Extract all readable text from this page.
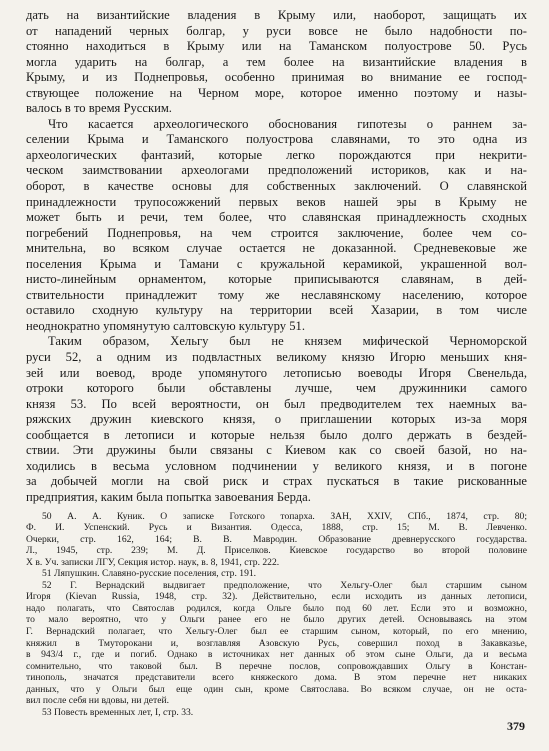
дать на византийские владения в Крыму или, наоборот, защищать их
от нападений черных болгар, у руси вовсе не было надобности по-
стоянно находиться в Крыму или на Таманском полуострове 50. Русь
могла ударить на болгар, а тем более на византийские владения в
Крыму, и из Поднепровья, особенно принимая во внимание ее господ-
ствующее положение на Черном море, которое именно поэтому и назы-
валось в то время Русским.
Что касается археологического обоснования гипотезы о раннем за-
селении Крыма и Таманского полуострова славянами, то это одна из
археологических фантазий, которые легко порождаются при некрити-
ческом заимствовании археологами предположений историков, как и на-
оборот, в качестве основы для собственных заключений. О славянской
принадлежности трупосожжений первых веков нашей эры в Крыму не
может быть и речи, тем более, что славянская принадлежность сходных
погребений Поднепровья, на чем строится заключение, более чем со-
мнительна, во всяком случае остается не доказанной. Средневековые же
поселения Крыма и Тамани с кружальной керамикой, украшенной вол-
нисто-линейным орнаментом, которые приписываются славянам, в дей-
ствительности принадлежит тому же неславянскому населению, которое
оставило сходную культуру на территории всей Хазарии, в том числе
неоднократно упомянутую салтовскую культуру 51.
Таким образом, Хельгу был не князем мифической Черноморской
руси 52, а одним из подвластных великому князю Игорю меньших кня-
зей или воевод, вроде упомянутого летописью воеводы Игоря Свенельда,
отроки которого были обставлены лучше, чем дружинники самого
князя 53. По всей вероятности, он был предводителем тех наемных ва-
ряжских дружин киевского князя, о приглашении которых из-за моря
сообщается в летописи и которые нельзя было долго держать в бездей-
ствии. Эти дружины были связаны с Киевом как со своей базой, но на-
ходились в весьма условном подчинении у великого князя, и в погоне
за добычей могли на свой риск и страх пускаться в такие рискованные
предприятия, каким была попытка завоевания Берда.
50 А. А. Куник. О записке Готского топарха. ЗАН, XXIV, СПб., 1874, стр. 80;
Ф. И. Успенский. Русь и Византия. Одесса, 1888, стр. 15; М. В. Левченко.
Очерки, стр. 162, 164; В. В. Мавродин. Образование древнерусского государства.
Л., 1945, стр. 239; М. Д. Приселков. Киевское государство во второй половине
X в. Уч. записки ЛГУ, Секция истор. наук, в. 8, 1941, стр. 222.
51 Ляпушкин. Славяно-русские поселения, стр. 191.
52 Г. Вернадский выдвигает предположение, что Хельгу-Олег был старшим сыном
Игоря (Kievan Russia, 1948, стр. 32). Действительно, если исходить из данных летописи,
надо полагать, что Святослав родился, когда Ольге было под 60 лет. Если это и возможно,
то мало вероятно, что у Ольги ранее его не было других детей. Основываясь на этом
Г. Вернадский полагает, что Хельгу-Олег был ее старшим сыном, который, по его мнению,
княжил в Тмуторокани и, возглавляя Азовскую Русь, совершил поход в Закавказье,
в 943/4 г., где и погиб. Однако в источниках нет данных об этом сыне Ольги, да и весьма
сомнительно, что таковой был. В перечне послов, сопровождавших Ольгу в Констан-
тинополь, значатся представители всего княжеского дома. В этом перечне нет никаких
данных, что у Ольги был еще один сын, кроме Святослава. Во всяком случае, он не оста-
вил после себя ни вдовы, ни детей.
53 Повесть временных лет, I, стр. 33.
379
